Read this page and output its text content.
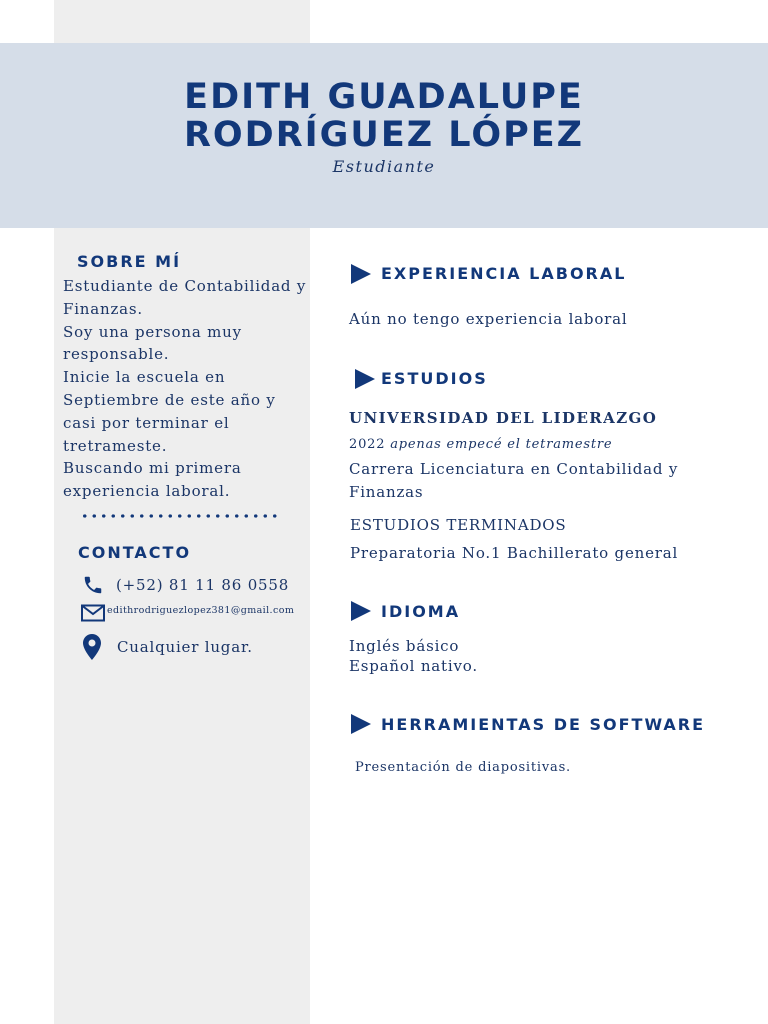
EDITH GUADALUPE
RODRÍGUEZ LÓPEZ
Estudiante
SOBRE MÍ
Estudiante de Contabilidad y
Finanzas.
Soy una persona muy
responsable.
Inicie la escuela en
Septiembre de este año y
casi por terminar el
tretrameste.
Buscando mi primera
experiencia laboral.
CONTACTO
(+52) 81 11 86 0558
edithrodriguezlopez381@gmail.com
Cualquier lugar.
EXPERIENCIA LABORAL
Aún no tengo experiencia laboral
ESTUDIOS
UNIVERSIDAD DEL LIDERAZGO
2022 apenas empecé el tetramestre
Carrera Licenciatura en Contabilidad y
Finanzas
ESTUDIOS TERMINADOS
Preparatoria No.1 Bachillerato general
IDIOMA
Inglés básico
Español nativo.
HERRAMIENTAS DE SOFTWARE
Presentación de diapositivas.
